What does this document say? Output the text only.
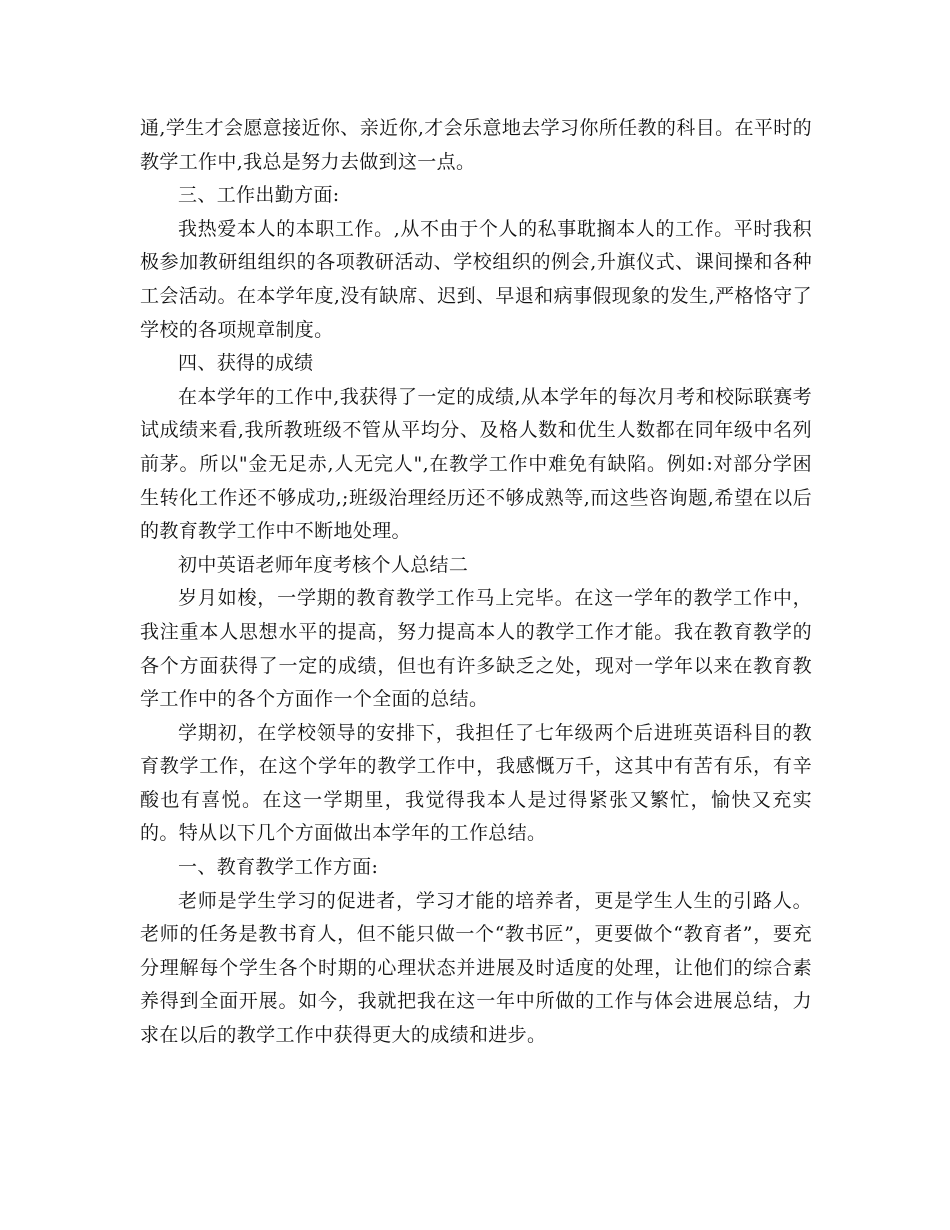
通,学生才会愿意接近你、亲近你,才会乐意地去学习你所任教的科目。在平时的教学工作中,我总是努力去做到这一点。

三、工作出勤方面:

我热爱本人的本职工作。,从不由于个人的私事耽搁本人的工作。平时我积极参加教研组组织的各项教研活动、学校组织的例会,升旗仪式、课间操和各种工会活动。在本学年度,没有缺席、迟到、早退和病事假现象的发生,严格恪守了学校的各项规章制度。

四、获得的成绩

在本学年的工作中,我获得了一定的成绩,从本学年的每次月考和校际联赛考试成绩来看,我所教班级不管从平均分、及格人数和优生人数都在同年级中名列前茅。所以"金无足赤,人无完人",在教学工作中难免有缺陷。例如:对部分学困生转化工作还不够成功,;班级治理经历还不够成熟等,而这些咨询题,希望在以后的教育教学工作中不断地处理。

初中英语老师年度考核个人总结二

岁月如梭，一学期的教育教学工作马上完毕。在这一学年的教学工作中，我注重本人思想水平的提高，努力提高本人的教学工作才能。我在教育教学的各个方面获得了一定的成绩，但也有许多缺乏之处，现对一学年以来在教育教学工作中的各个方面作一个全面的总结。

学期初，在学校领导的安排下，我担任了七年级两个后进班英语科目的教育教学工作，在这个学年的教学工作中，我感慨万千，这其中有苦有乐，有辛酸也有喜悦。在这一学期里，我觉得我本人是过得紧张又繁忙，愉快又充实的。特从以下几个方面做出本学年的工作总结。

一、教育教学工作方面:

老师是学生学习的促进者，学习才能的培养者，更是学生人生的引路人。老师的任务是教书育人，但不能只做一个“教书匠”，更要做个“教育者”，要充分理解每个学生各个时期的心理状态并进展及时适度的处理，让他们的综合素养得到全面开展。如今，我就把我在这一年中所做的工作与体会进展总结，力求在以后的教学工作中获得更大的成绩和进步。
